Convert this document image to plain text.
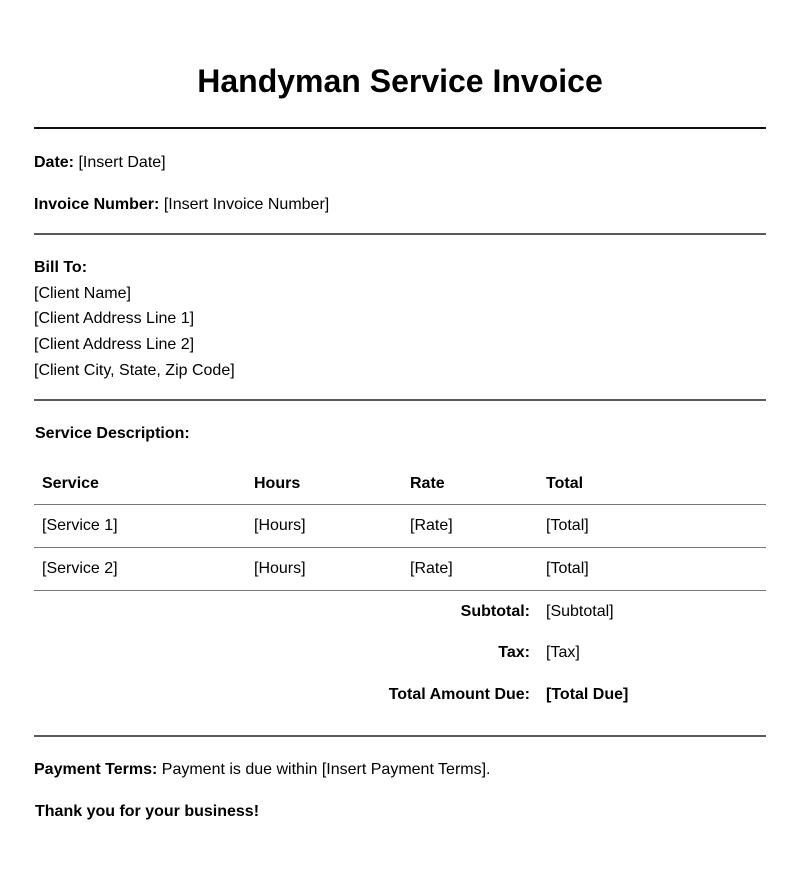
Handyman Service Invoice
Date: [Insert Date]
Invoice Number: [Insert Invoice Number]
Bill To:
[Client Name]
[Client Address Line 1]
[Client Address Line 2]
[Client City, State, Zip Code]
Service Description:
Service	Hours	Rate	Total
[Service 1]	[Hours]	[Rate]	[Total]
[Service 2]	[Hours]	[Rate]	[Total]
Subtotal: [Subtotal]
Tax: [Tax]
Total Amount Due: [Total Due]
Payment Terms: Payment is due within [Insert Payment Terms].
Thank you for your business!
